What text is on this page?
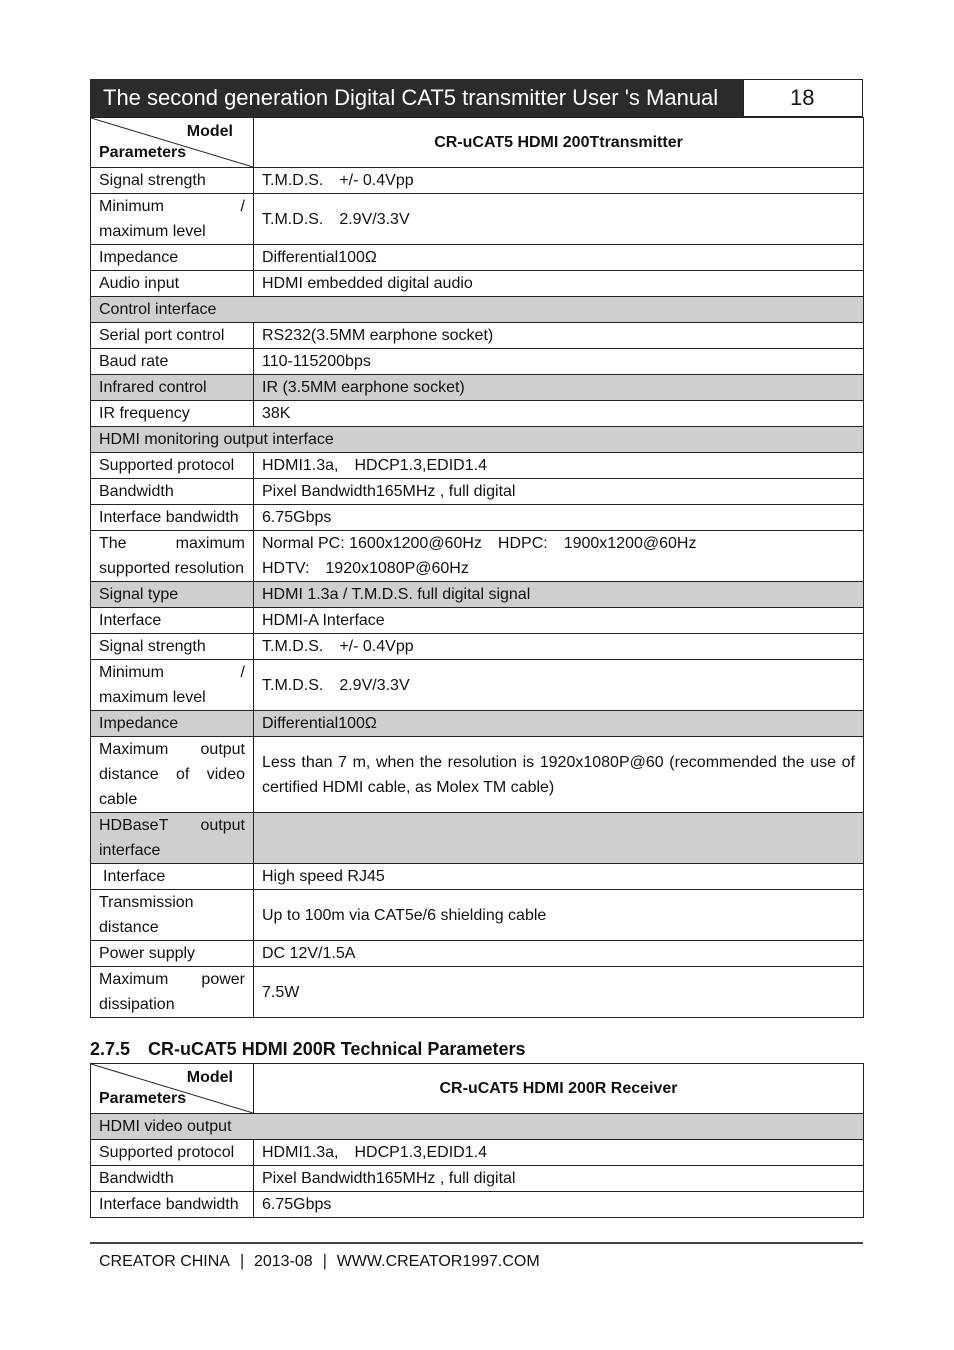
The second generation Digital CAT5 transmitter User 's Manual	18
Model
Parameters	CR-uCAT5 HDMI 200Ttransmitter
Signal strength	T.M.D.S. +/- 0.4Vpp
Minimum / maximum level	T.M.D.S. 2.9V/3.3V
Impedance	Differential100Ω
Audio input	HDMI embedded digital audio
Control interface	
Serial port control	RS232(3.5MM earphone socket)
Baud rate	110-115200bps
Infrared control	IR (3.5MM earphone socket)
IR frequency	38K
HDMI monitoring output interface	
Supported protocol	HDMI1.3a, HDCP1.3,EDID1.4
Bandwidth	Pixel Bandwidth165MHz , full digital
Interface bandwidth	6.75Gbps
The maximum supported resolution	Normal PC: 1600x1200@60Hz HDPC: 1900x1200@60Hz
HDTV: 1920x1080P@60Hz

Signal type	HDMI 1.3a / T.M.D.S. full digital signal
Interface	HDMI-A Interface
Signal strength	T.M.D.S. +/- 0.4Vpp
Minimum / maximum level	T.M.D.S. 2.9V/3.3V
Impedance	Differential100Ω
Maximum output distance of video cable	Less than 7 m, when the resolution is 1920x1080P@60 (recommended the use of certified HDMI cable, as Molex TM cable)
HDBaseT output interface	
Interface	High speed RJ45
Transmission distance	Up to 100m via CAT5e/6 shielding cable
Power supply	DC 12V/1.5A
Maximum power dissipation	7.5W
2.7.5 CR-uCAT5 HDMI 200R Technical Parameters
Model
Parameters	CR-uCAT5 HDMI 200R Receiver
HDMI video output	
Supported protocol	HDMI1.3a, HDCP1.3,EDID1.4
Bandwidth	Pixel Bandwidth165MHz , full digital
Interface bandwidth	6.75Gbps
CREATOR CHINA ∣ 2013-08 ∣ WWW.CREATOR1997.COM
